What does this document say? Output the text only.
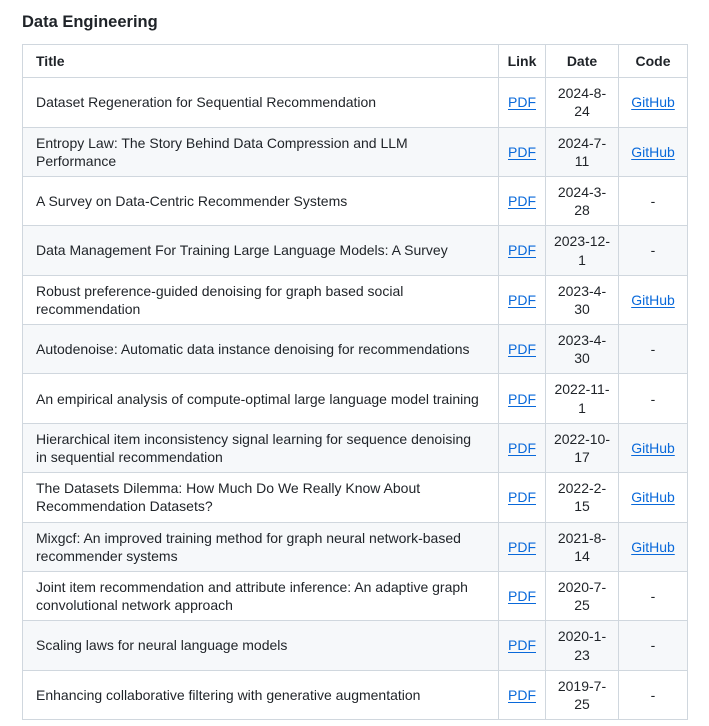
Data Engineering
Title	Link	Date	Code
Dataset Regeneration for Sequential Recommendation	PDF	2024-8-24	GitHub
Entropy Law: The Story Behind Data Compression and LLM Performance	PDF	2024-7-11	GitHub
A Survey on Data-Centric Recommender Systems	PDF	2024-3-28	-
Data Management For Training Large Language Models: A Survey	PDF	2023-12-1	-
Robust preference-guided denoising for graph based social recommendation	PDF	2023-4-30	GitHub
Autodenoise: Automatic data instance denoising for recommendations	PDF	2023-4-30	-
An empirical analysis of compute-optimal large language model training	PDF	2022-11-1	-
Hierarchical item inconsistency signal learning for sequence denoising in sequential recommendation	PDF	2022-10-17	GitHub
The Datasets Dilemma: How Much Do We Really Know About Recommendation Datasets?	PDF	2022-2-15	GitHub
Mixgcf: An improved training method for graph neural network-based recommender systems	PDF	2021-8-14	GitHub
Joint item recommendation and attribute inference: An adaptive graph convolutional network approach	PDF	2020-7-25	-
Scaling laws for neural language models	PDF	2020-1-23	-
Enhancing collaborative filtering with generative augmentation	PDF	2019-7-25	-
